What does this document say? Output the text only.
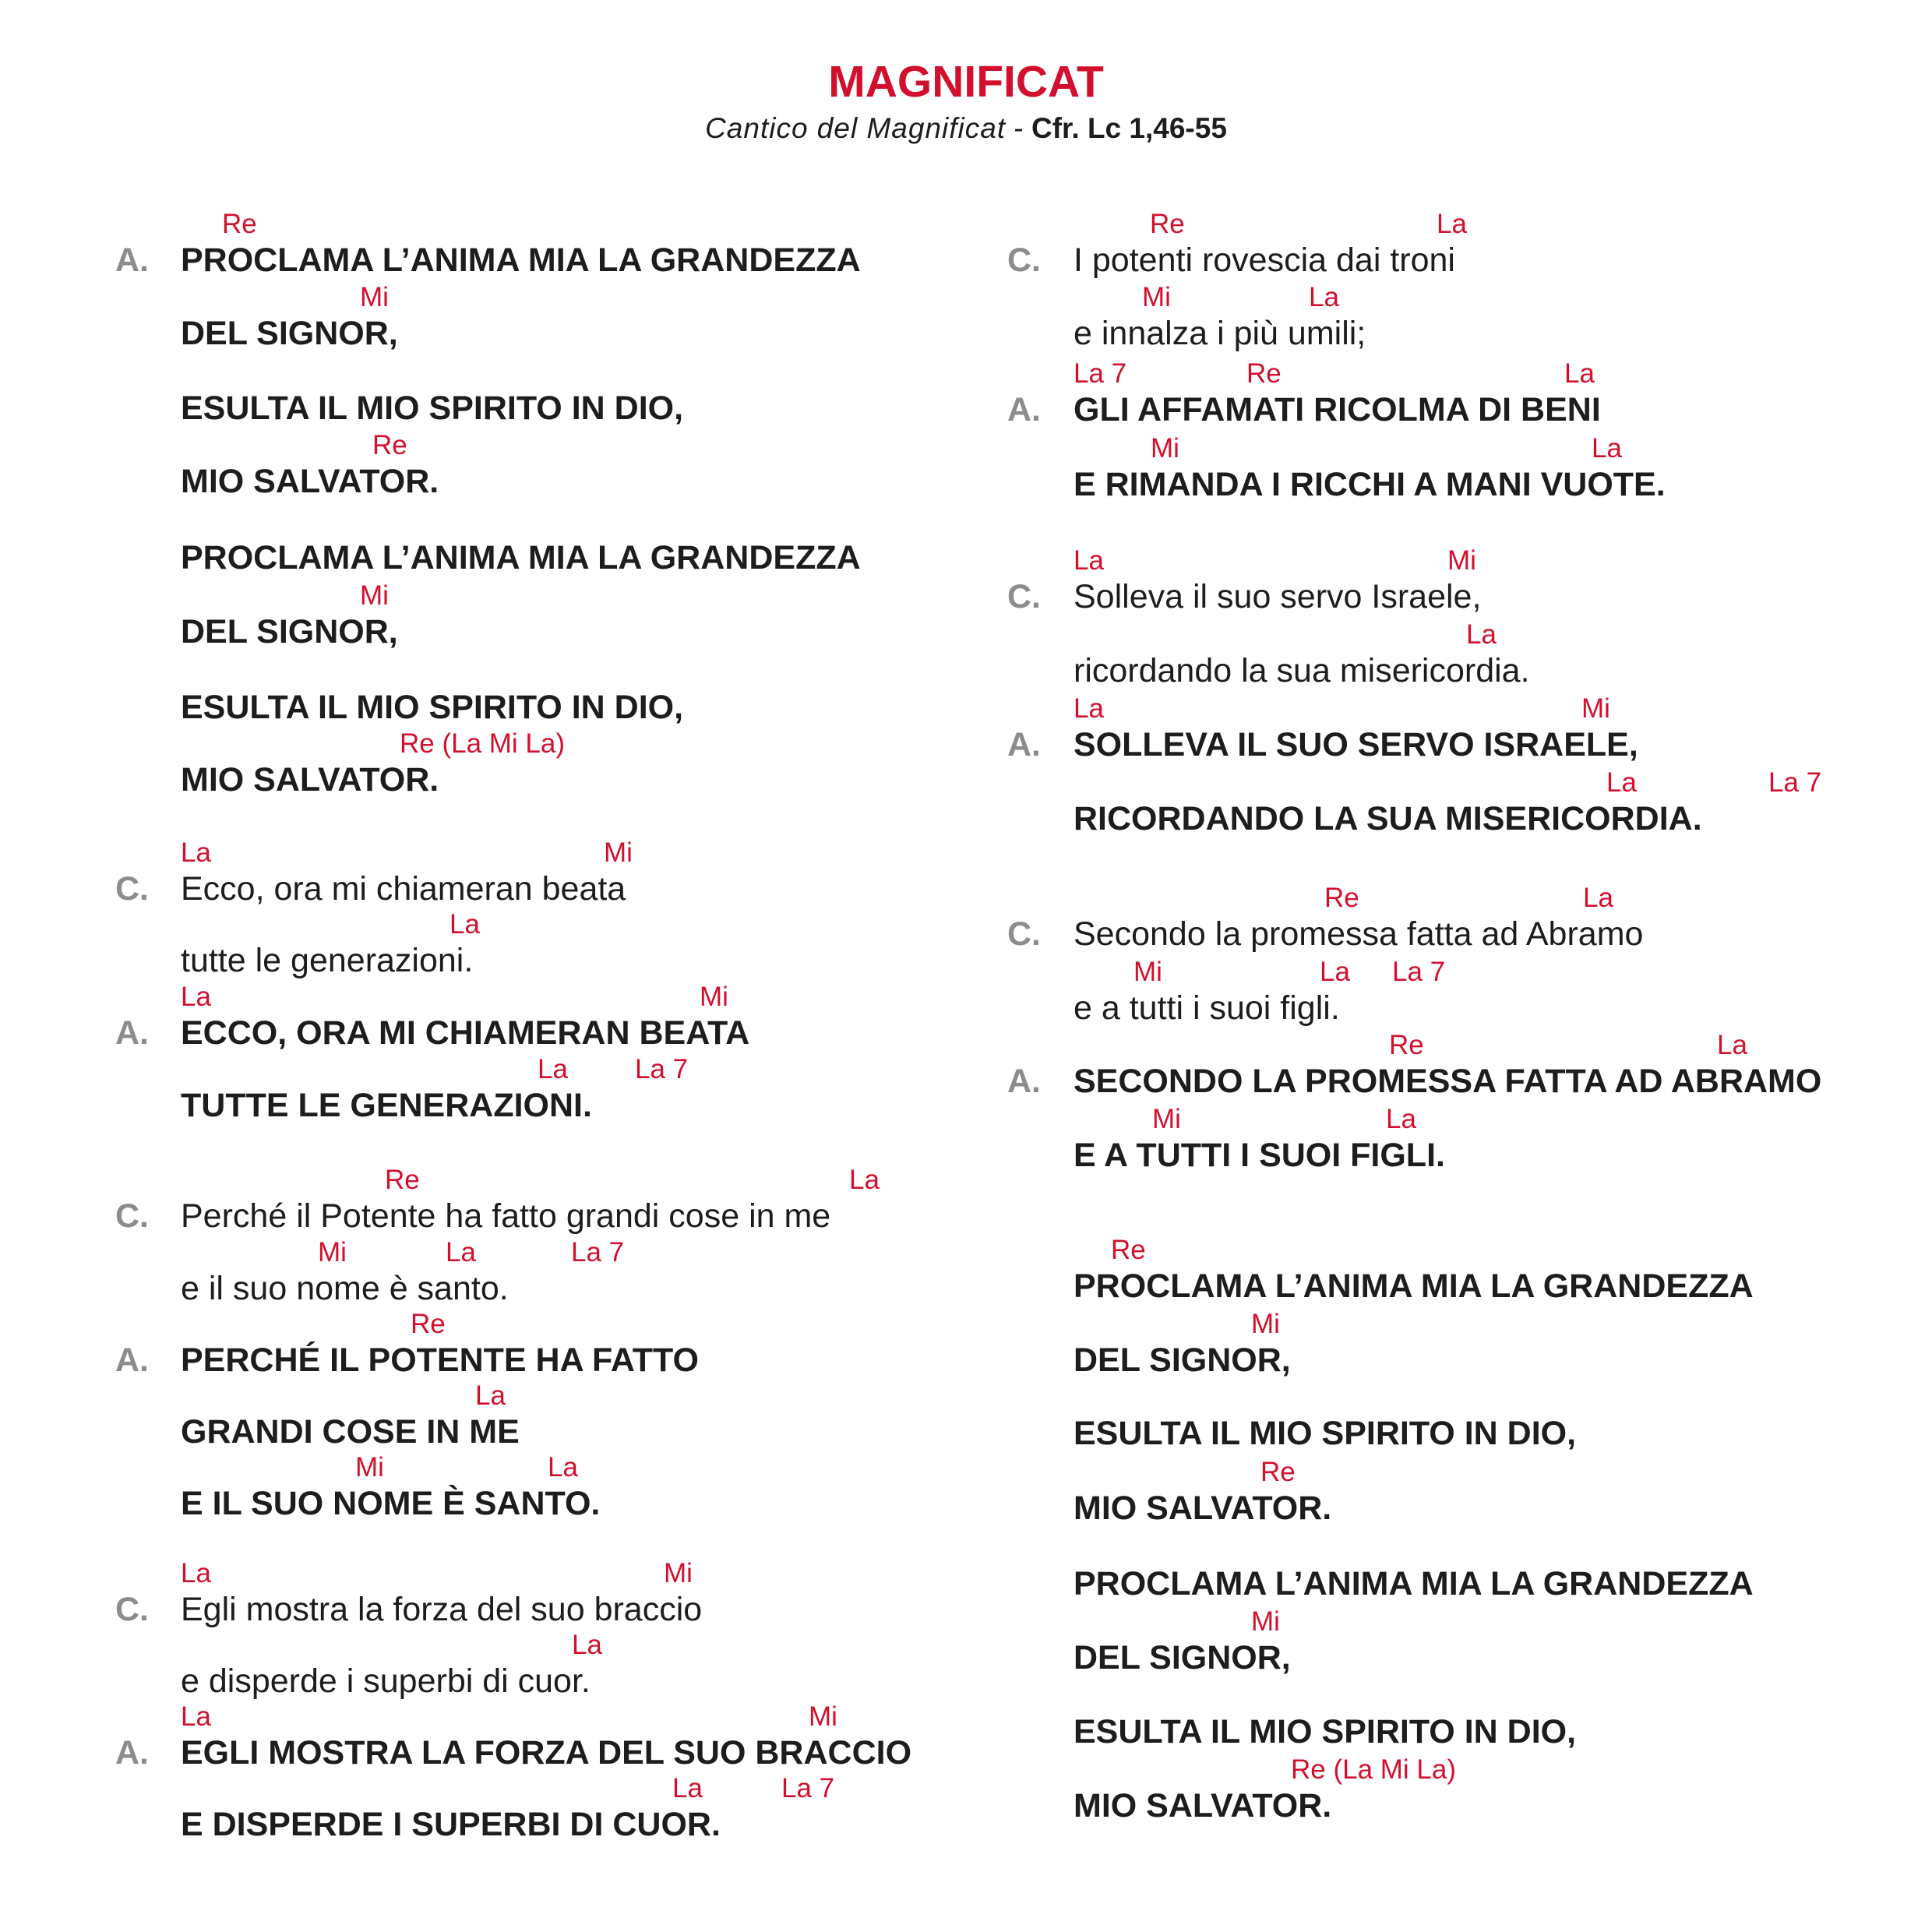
MAGNIFICAT
Cantico del Magnificat - Cfr. Lc 1,46-55
A.
Re
PROCLAMA L’ANIMA MIA LA GRANDEZZA
Mi
DEL SIGNOR,
ESULTA IL MIO SPIRITO IN DIO,
Re
MIO SALVATOR.
PROCLAMA L’ANIMA MIA LA GRANDEZZA
Mi
DEL SIGNOR,
ESULTA IL MIO SPIRITO IN DIO,
Re (La Mi La)
MIO SALVATOR.
C.
La	Mi
Ecco, ora mi chiameran beata
La
tutte le generazioni.
A.
La	Mi
ECCO, ORA MI CHIAMERAN BEATA
La La 7
TUTTE LE GENERAZIONI.
C.
Re	La
Perché il Potente ha fatto grandi cose in me
Mi	La	La 7
e il suo nome è santo.
A.
Re
PERCHÉ IL POTENTE HA FATTO
La
GRANDI COSE IN ME
Mi	La
E IL SUO NOME È SANTO.
C.
La	Mi
Egli mostra la forza del suo braccio
La
e disperde i superbi di cuor.
A.
La	Mi
EGLI MOSTRA LA FORZA DEL SUO BRACCIO
La	La 7
E DISPERDE I SUPERBI DI CUOR.
C.
Re	La
I potenti rovescia dai troni
Mi	La
e innalza i più umili;
A.
La 7	Re	La
GLI AFFAMATI RICOLMA DI BENI
Mi	La
E RIMANDA I RICCHI A MANI VUOTE.
C.
La	Mi
Solleva il suo servo Israele,
La
ricordando la sua misericordia.
A.
La	Mi
SOLLEVA IL SUO SERVO ISRAELE,
La	La 7
RICORDANDO LA SUA MISERICORDIA.
C.
Re	La
Secondo la promessa fatta ad Abramo
Mi	La La 7
e a tutti i suoi figli.
A.
Re	La
SECONDO LA PROMESSA FATTA AD ABRAMO
Mi	La
E A TUTTI I SUOI FIGLI.
Re
PROCLAMA L’ANIMA MIA LA GRANDEZZA
Mi
DEL SIGNOR,
ESULTA IL MIO SPIRITO IN DIO,
Re
MIO SALVATOR.
PROCLAMA L’ANIMA MIA LA GRANDEZZA
Mi
DEL SIGNOR,
ESULTA IL MIO SPIRITO IN DIO,
Re (La Mi La)
MIO SALVATOR.
